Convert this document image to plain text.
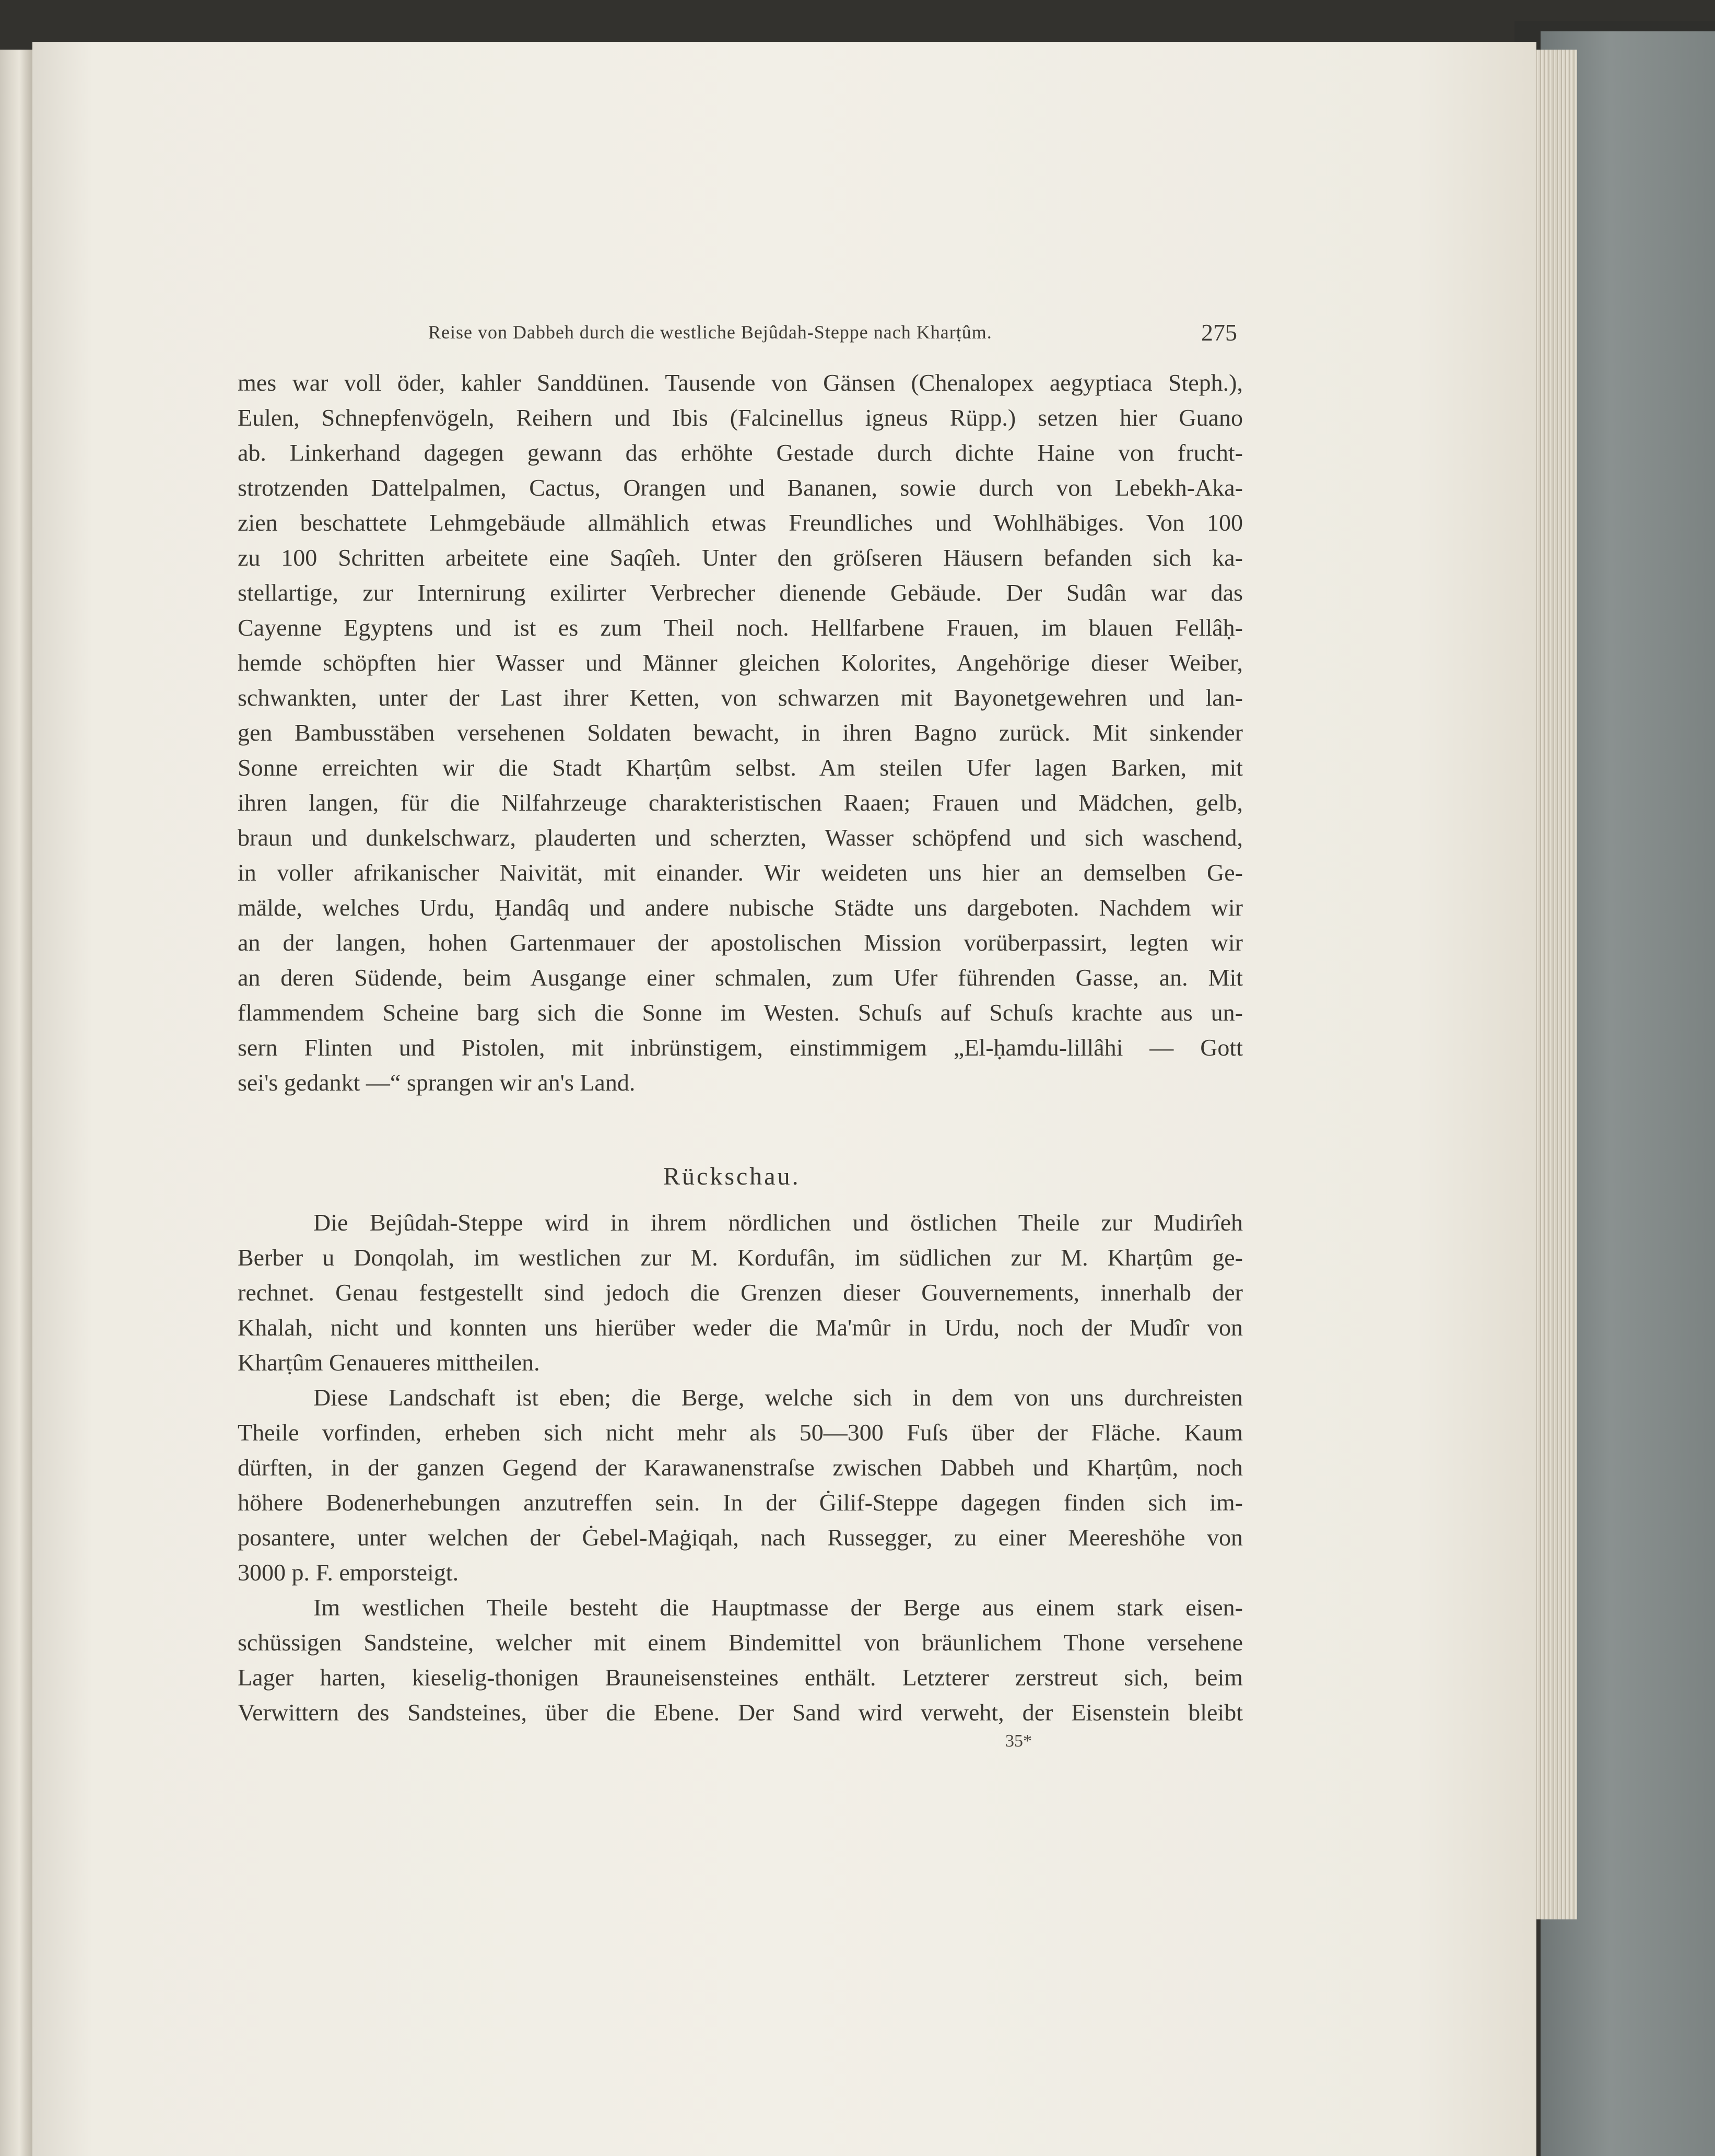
Reise von Dabbeh durch die westliche Bejûdah-Steppe nach Kharṭûm.	275
mes war voll öder, kahler Sanddünen. Tausende von Gänsen (Chenalopex aegyptiaca Steph.),
Eulen, Schnepfenvögeln, Reihern und Ibis (Falcinellus igneus Rüpp.) setzen hier Guano
ab. Linkerhand dagegen gewann das erhöhte Gestade durch dichte Haine von frucht-
strotzenden Dattelpalmen, Cactus, Orangen und Bananen, sowie durch von Lebekh-Aka-
zien beschattete Lehmgebäude allmählich etwas Freundliches und Wohlhäbiges. Von 100
zu 100 Schritten arbeitete eine Saqîeh. Unter den gröſseren Häusern befanden sich ka-
stellartige, zur Internirung exilirter Verbrecher dienende Gebäude. Der Sudân war das
Cayenne Egyptens und ist es zum Theil noch. Hellfarbene Frauen, im blauen Fellâḥ-
hemde schöpften hier Wasser und Männer gleichen Kolorites, Angehörige dieser Weiber,
schwankten, unter der Last ihrer Ketten, von schwarzen mit Bayonetgewehren und lan-
gen Bambusstäben versehenen Soldaten bewacht, in ihren Bagno zurück. Mit sinkender
Sonne erreichten wir die Stadt Kharṭûm selbst. Am steilen Ufer lagen Barken, mit
ihren langen, für die Nilfahrzeuge charakteristischen Raaen; Frauen und Mädchen, gelb,
braun und dunkelschwarz, plauderten und scherzten, Wasser schöpfend und sich waschend,
in voller afrikanischer Naivität, mit einander. Wir weideten uns hier an demselben Ge-
mälde, welches Urdu, Ḫandâq und andere nubische Städte uns dargeboten. Nachdem wir
an der langen, hohen Gartenmauer der apostolischen Mission vorüberpassirt, legten wir
an deren Südende, beim Ausgange einer schmalen, zum Ufer führenden Gasse, an. Mit
flammendem Scheine barg sich die Sonne im Westen. Schuſs auf Schuſs krachte aus un-
sern Flinten und Pistolen, mit inbrünstigem, einstimmigem „El-ḥamdu-lillâhi — Gott
sei's gedankt —“ sprangen wir an's Land.
Rückschau.
Die Bejûdah-Steppe wird in ihrem nördlichen und östlichen Theile zur Mudirîeh
Berber u Donqolah, im westlichen zur M. Kordufân, im südlichen zur M. Kharṭûm ge-
rechnet. Genau festgestellt sind jedoch die Grenzen dieser Gouvernements, innerhalb der
Khalah, nicht und konnten uns hierüber weder die Ma'mûr in Urdu, noch der Mudîr von
Kharṭûm Genaueres mittheilen.
Diese Landschaft ist eben; die Berge, welche sich in dem von uns durchreisten
Theile vorfinden, erheben sich nicht mehr als 50—300 Fuſs über der Fläche. Kaum
dürften, in der ganzen Gegend der Karawanenstraſse zwischen Dabbeh und Kharṭûm, noch
höhere Bodenerhebungen anzutreffen sein. In der Ġilif-Steppe dagegen finden sich im-
posantere, unter welchen der Ġebel-Maġiqah, nach Russegger, zu einer Meereshöhe von
3000 p. F. emporsteigt.
Im westlichen Theile besteht die Hauptmasse der Berge aus einem stark eisen-
schüssigen Sandsteine, welcher mit einem Bindemittel von bräunlichem Thone versehene
Lager harten, kieselig-thonigen Brauneisensteines enthält. Letzterer zerstreut sich, beim
Verwittern des Sandsteines, über die Ebene. Der Sand wird verweht, der Eisenstein bleibt
35*
